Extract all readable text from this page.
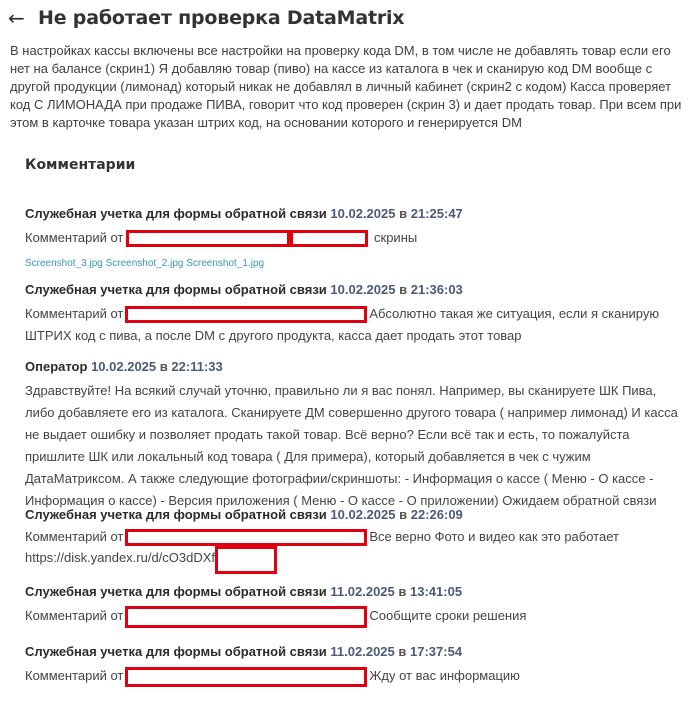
← Не работает проверка DataMatrix

В настройках кассы включены все настройки на проверку кода DM, в том числе не добавлять товар если его нет на балансе (скрин1) Я добавляю товар (пиво) на кассе из каталога в чек и сканирую код DM вообще с другой продукции (лимонад) который никак не добавлял в личный кабинет (скрин2 с кодом) Касса проверяет код С ЛИМОНАДА при продаже ПИВА, говорит что код проверен (скрин 3) и дает продать товар. При всем при этом в карточке товара указан штрих код, на основании которого и генерируется DM

Комментарии
Служебная учетка для формы обратной связи 10.02.2025 в 21:25:47
Комментарий от	скрины
Screenshot_3.jpg Screenshot_2.jpg Screenshot_1.jpg
Служебная учетка для формы обратной связи 10.02.2025 в 21:36:03
Комментарий от	Абсолютно такая же ситуация, если я сканирую ШТРИХ код с пива, а после DM с другого продукта, касса дает продать этот товар
Оператор 10.02.2025 в 22:11:33
Здравствуйте! На всякий случай уточню, правильно ли я вас понял. Например, вы сканируете ШК Пива, либо добавляете его из каталога. Сканируете ДМ совершенно другого товара ( например лимонад) И касса не выдает ошибку и позволяет продать такой товар. Всё верно? Если всё так и есть, то пожалуйста пришлите ШК или локальный код товара ( Для примера), который добавляется в чек с чужим ДатаМатриксом. А также следующие фотографии/скриншоты: - Информация о кассе ( Меню - О кассе - Информация о кассе) - Версия приложения ( Меню - О кассе - О приложении) Ожидаем обратной связи
Служебная учетка для формы обратной связи 10.02.2025 в 22:26:09
Комментарий от	Все верно Фото и видео как это работает
https://disk.yandex.ru/d/cO3dDXf
Служебная учетка для формы обратной связи 11.02.2025 в 13:41:05
Комментарий от	Сообщите сроки решения
Служебная учетка для формы обратной связи 11.02.2025 в 17:37:54
Комментарий от	Жду от вас информацию
